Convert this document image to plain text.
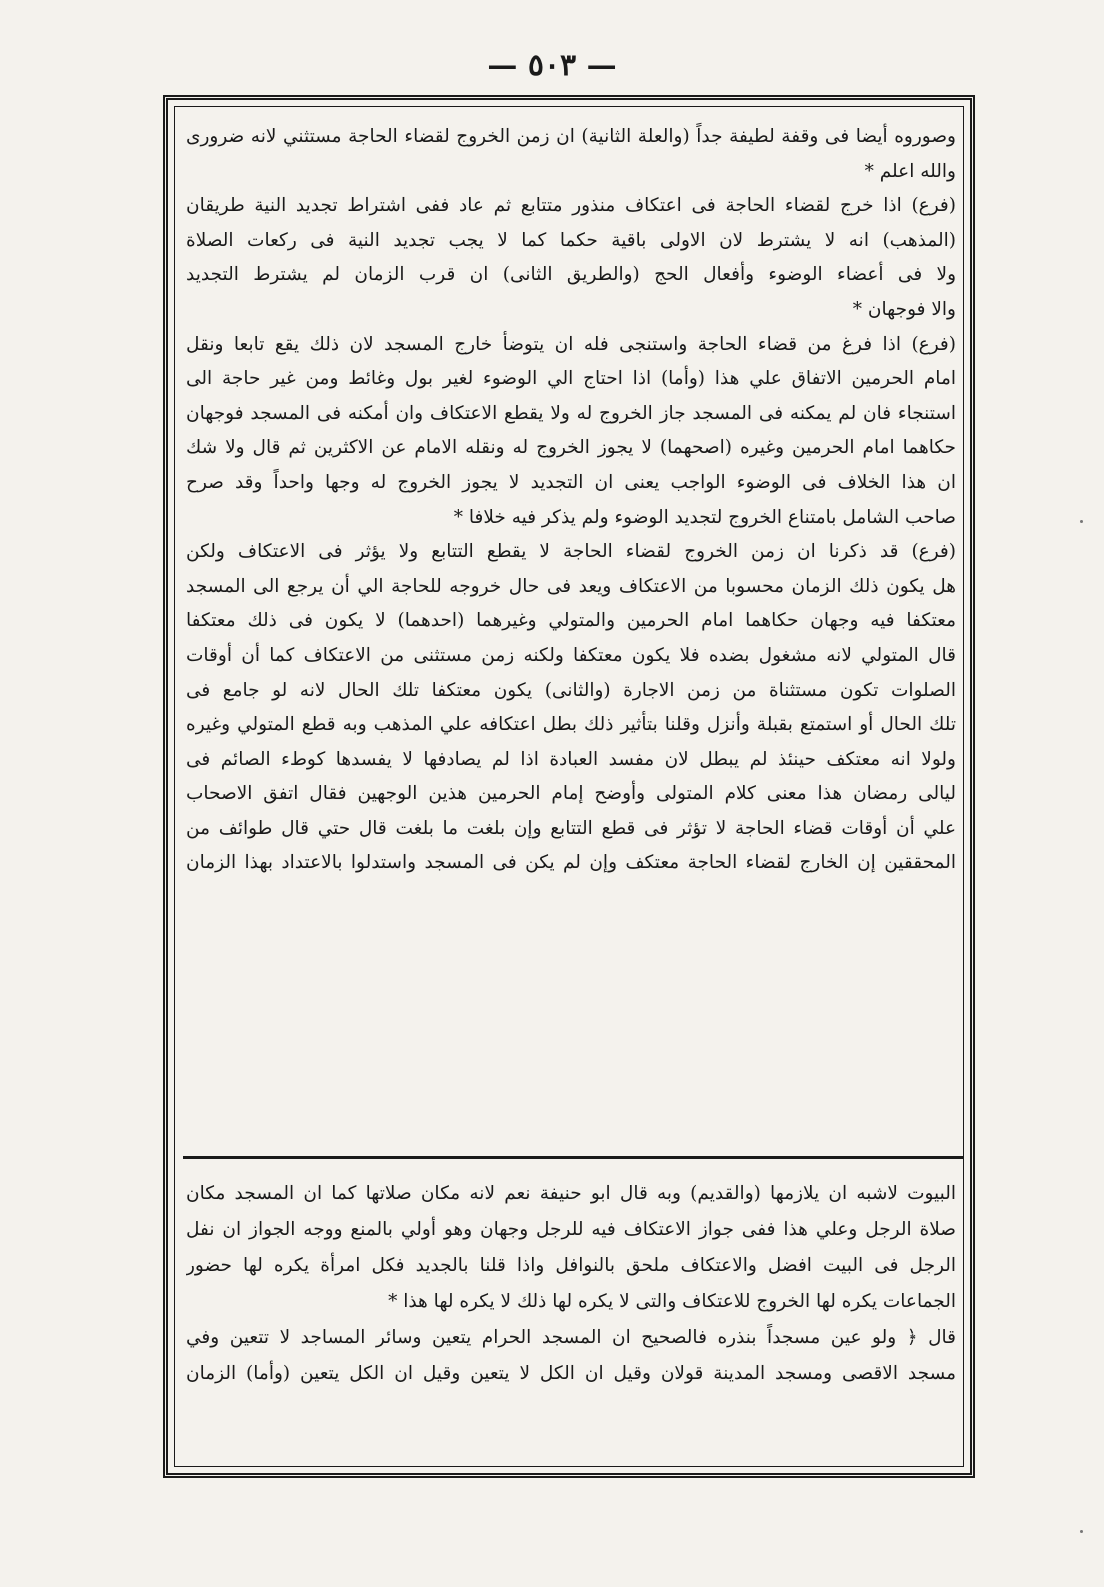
— ٥٠٣ —
وصوروه أيضا فى وقفة لطيفة جداً (والعلة الثانية) ان زمن الخروج لقضاء الحاجة مستثني لانه ضرورى
والله اعلم *
(فرع) اذا خرج لقضاء الحاجة فى اعتكاف منذور متتابع ثم عاد ففى اشتراط تجديد النية طريقان
(المذهب) انه لا يشترط لان الاولى باقية حكما كما لا يجب تجديد النية فى ركعات الصلاة
ولا فى أعضاء الوضوء وأفعال الحج (والطريق الثانى) ان قرب الزمان لم يشترط التجديد
والا فوجهان *
(فرع) اذا فرغ من قضاء الحاجة واستنجى فله ان يتوضأ خارج المسجد لان ذلك يقع تابعا ونقل
امام الحرمين الاتفاق علي هذا (وأما) اذا احتاج الي الوضوء لغير بول وغائط ومن غير حاجة الى
استنجاء فان لم يمكنه فى المسجد جاز الخروج له ولا يقطع الاعتكاف وان أمكنه فى المسجد فوجهان
حكاهما امام الحرمين وغيره (اصحهما) لا يجوز الخروج له ونقله الامام عن الاكثرين ثم قال ولا شك
ان هذا الخلاف فى الوضوء الواجب يعنى ان التجديد لا يجوز الخروج له وجها واحداً وقد صرح
صاحب الشامل بامتناع الخروج لتجديد الوضوء ولم يذكر فيه خلافا *
(فرع) قد ذكرنا ان زمن الخروج لقضاء الحاجة لا يقطع التتابع ولا يؤثر فى الاعتكاف ولكن
هل يكون ذلك الزمان محسوبا من الاعتكاف ويعد فى حال خروجه للحاجة الي أن يرجع الى المسجد
معتكفا فيه وجهان حكاهما امام الحرمين والمتولي وغيرهما (احدهما) لا يكون فى ذلك معتكفا
قال المتولي لانه مشغول بضده فلا يكون معتكفا ولكنه زمن مستثنى من الاعتكاف كما أن أوقات
الصلوات تكون مستثناة من زمن الاجارة (والثانى) يكون معتكفا تلك الحال لانه لو جامع فى
تلك الحال أو استمتع بقبلة وأنزل وقلنا بتأثير ذلك بطل اعتكافه علي المذهب وبه قطع المتولي وغيره
ولولا انه معتكف حينئذ لم يبطل لان مفسد العبادة اذا لم يصادفها لا يفسدها كوطء الصائم فى
ليالى رمضان هذا معنى كلام المتولى وأوضح إمام الحرمين هذين الوجهين فقال اتفق الاصحاب
علي أن أوقات قضاء الحاجة لا تؤثر فى قطع التتابع وإن بلغت ما بلغت قال حتي قال طوائف من
المحققين إن الخارج لقضاء الحاجة معتكف وإن لم يكن فى المسجد واستدلوا بالاعتداد بهذا الزمان
البيوت لاشبه ان يلازمها (والقديم) وبه قال ابو حنيفة نعم لانه مكان صلاتها كما ان المسجد مكان
صلاة الرجل وعلي هذا ففى جواز الاعتكاف فيه للرجل وجهان وهو أولي بالمنع ووجه الجواز ان نفل
الرجل فى البيت افضل والاعتكاف ملحق بالنوافل واذا قلنا بالجديد فكل امرأة يكره لها حضور
الجماعات يكره لها الخروج للاعتكاف والتى لا يكره لها ذلك لا يكره لها هذا *
قال ﴿ ولو عين مسجداً بنذره فالصحيح ان المسجد الحرام يتعين وسائر المساجد لا تتعين وفي
مسجد الاقصى ومسجد المدينة قولان وقيل ان الكل لا يتعين وقيل ان الكل يتعين (وأما) الزمان
